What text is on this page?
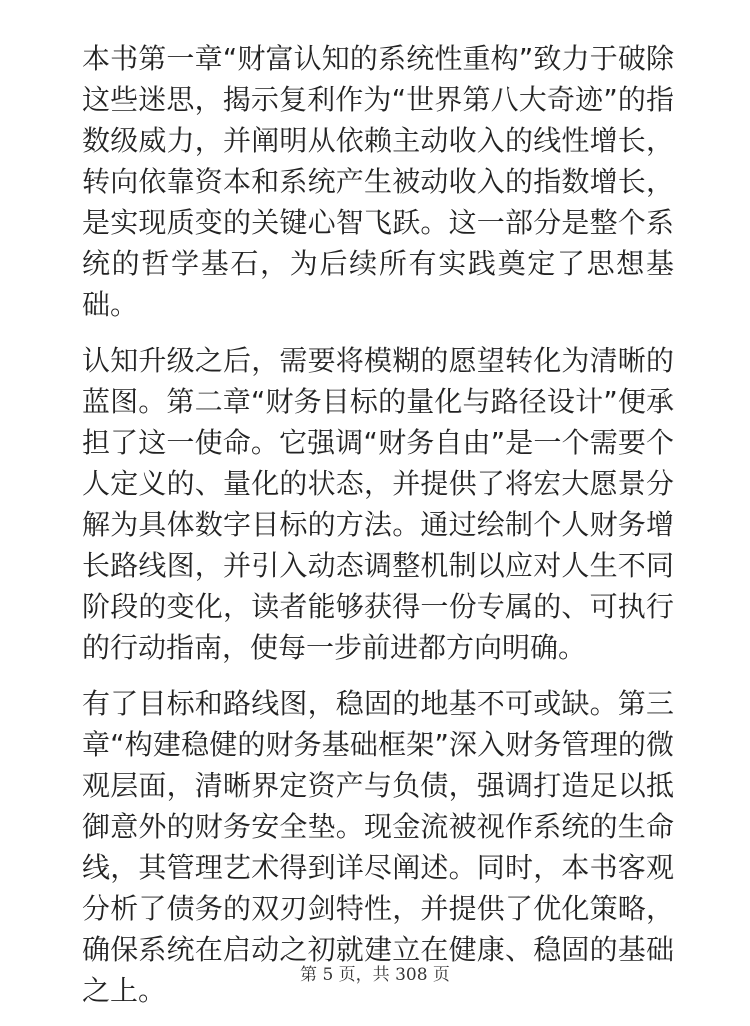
本书第一章“财富认知的系统性重构”致力于破除这些迷思，揭示复利作为“世界第八大奇迹”的指数级威力，并阐明从依赖主动收入的线性增长，转向依靠资本和系统产生被动收入的指数增长，是实现质变的关键心智飞跃。这一部分是整个系统的哲学基石，为后续所有实践奠定了思想基础。

认知升级之后，需要将模糊的愿望转化为清晰的蓝图。第二章“财务目标的量化与路径设计”便承担了这一使命。它强调“财务自由”是一个需要个人定义的、量化的状态，并提供了将宏大愿景分解为具体数字目标的方法。通过绘制个人财务增长路线图，并引入动态调整机制以应对人生不同阶段的变化，读者能够获得一份专属的、可执行的行动指南，使每一步前进都方向明确。

有了目标和路线图，稳固的地基不可或缺。第三章“构建稳健的财务基础框架”深入财务管理的微观层面，清晰界定资产与负债，强调打造足以抵御意外的财务安全垫。现金流被视作系统的生命线，其管理艺术得到详尽阐述。同时，本书客观分析了债务的双刃剑特性，并提供了优化策略，确保系统在启动之初就建立在健康、稳固的基础之上。	第 5 页，共 308 页
